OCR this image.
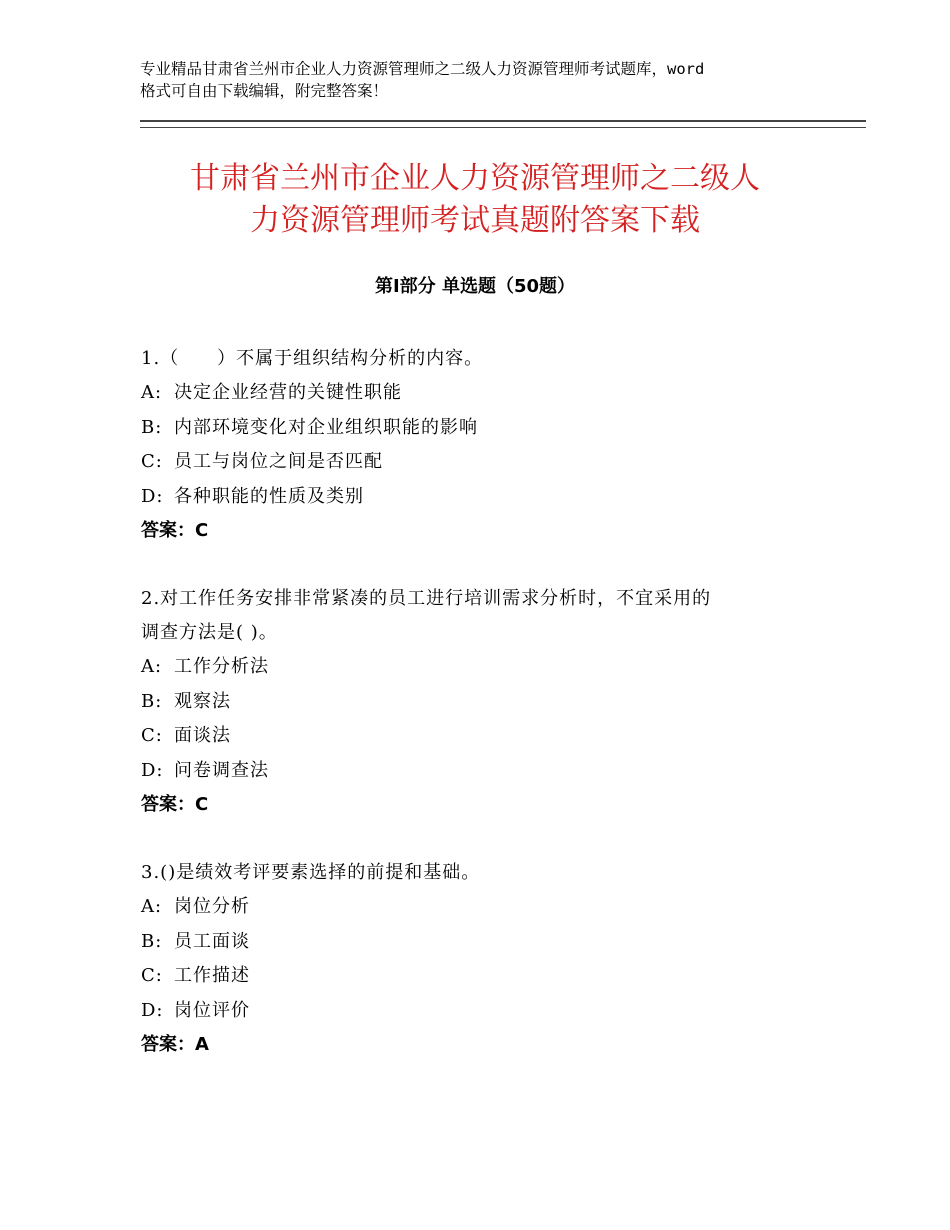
专业精品甘肃省兰州市企业人力资源管理师之二级人力资源管理师考试题库，word
格式可自由下载编辑，附完整答案！
甘肃省兰州市企业人力资源管理师之二级人
力资源管理师考试真题附答案下载
第Ⅰ部分 单选题（50题）
1.（　　）不属于组织结构分析的内容。
A: 决定企业经营的关键性职能
B: 内部环境变化对企业组织职能的影响
C: 员工与岗位之间是否匹配
D: 各种职能的性质及类别
答案：C
2.对工作任务安排非常紧凑的员工进行培训需求分析时，不宜采用的
调查方法是( )。
A: 工作分析法
B: 观察法
C: 面谈法
D: 问卷调查法
答案：C
3.()是绩效考评要素选择的前提和基础。
A: 岗位分析
B: 员工面谈
C: 工作描述
D: 岗位评价
答案：A
